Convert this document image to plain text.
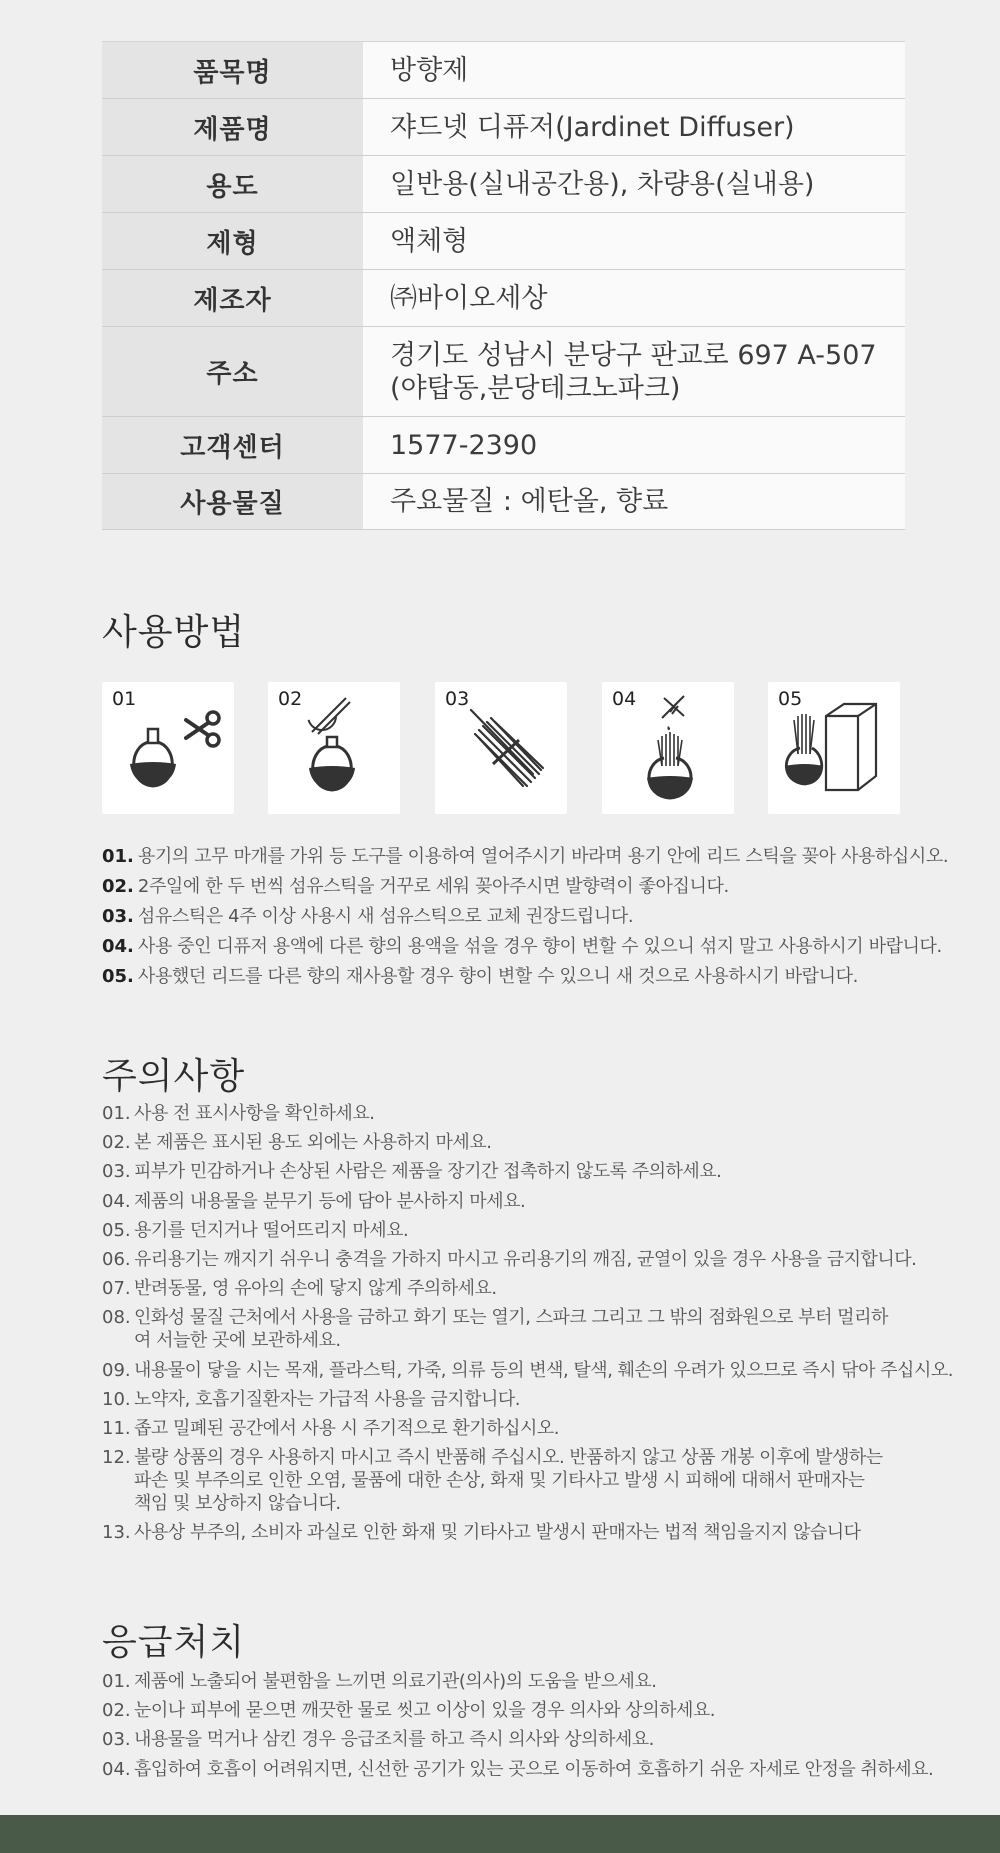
품목명	방향제
제품명	쟈드넷 디퓨저(Jardinet Diffuser)
용도	일반용(실내공간용), 차량용(실내용)
제형	액체형
제조자	㈜바이오세상
주소	경기도 성남시 분당구 판교로 697 A-507
(야탑동,분당테크노파크)

고객센터	1577-2390
사용물질	주요물질 : 에탄올, 향료
사용방법
01	02	03	04	05
01. 용기의 고무 마개를 가위 등 도구를 이용하여 열어주시기 바라며 용기 안에 리드 스틱을 꽂아 사용하십시오.
02. 2주일에 한 두 번씩 섬유스틱을 거꾸로 세워 꽂아주시면 발향력이 좋아집니다.
03. 섬유스틱은 4주 이상 사용시 새 섬유스틱으로 교체 권장드립니다.
04. 사용 중인 디퓨저 용액에 다른 향의 용액을 섞을 경우 향이 변할 수 있으니 섞지 말고 사용하시기 바랍니다.
05. 사용했던 리드를 다른 향의 재사용할 경우 향이 변할 수 있으니 새 것으로 사용하시기 바랍니다.
주의사항
01. 사용 전 표시사항을 확인하세요.
02. 본 제품은 표시된 용도 외에는 사용하지 마세요.
03. 피부가 민감하거나 손상된 사람은 제품을 장기간 접촉하지 않도록 주의하세요.
04. 제품의 내용물을 분무기 등에 담아 분사하지 마세요.
05. 용기를 던지거나 떨어뜨리지 마세요.
06. 유리용기는 깨지기 쉬우니 충격을 가하지 마시고 유리용기의 깨짐, 균열이 있을 경우 사용을 금지합니다.
07. 반려동물, 영 유아의 손에 닿지 않게 주의하세요.
08. 인화성 물질 근처에서 사용을 금하고 화기 또는 열기, 스파크 그리고 그 밖의 점화원으로 부터 멀리하여 서늘한 곳에 보관하세요.
09. 내용물이 닿을 시는 목재, 플라스틱, 가죽, 의류 등의 변색, 탈색, 훼손의 우려가 있으므로 즉시 닦아 주십시오.
10. 노약자, 호흡기질환자는 가급적 사용을 금지합니다.
11. 좁고 밀폐된 공간에서 사용 시 주기적으로 환기하십시오.
12. 불량 상품의 경우 사용하지 마시고 즉시 반품해 주십시오. 반품하지 않고 상품 개봉 이후에 발생하는 파손 및 부주의로 인한 오염, 물품에 대한 손상, 화재 및 기타사고 발생 시 피해에 대해서 판매자는 책임 및 보상하지 않습니다.
13. 사용상 부주의, 소비자 과실로 인한 화재 및 기타사고 발생시 판매자는 법적 책임을지지 않습니다
응급처치
01. 제품에 노출되어 불편함을 느끼면 의료기관(의사)의 도움을 받으세요.
02. 눈이나 피부에 묻으면 깨끗한 물로 씻고 이상이 있을 경우 의사와 상의하세요.
03. 내용물을 먹거나 삼킨 경우 응급조치를 하고 즉시 의사와 상의하세요.
04. 흡입하여 호흡이 어려워지면, 신선한 공기가 있는 곳으로 이동하여 호흡하기 쉬운 자세로 안정을 취하세요.
